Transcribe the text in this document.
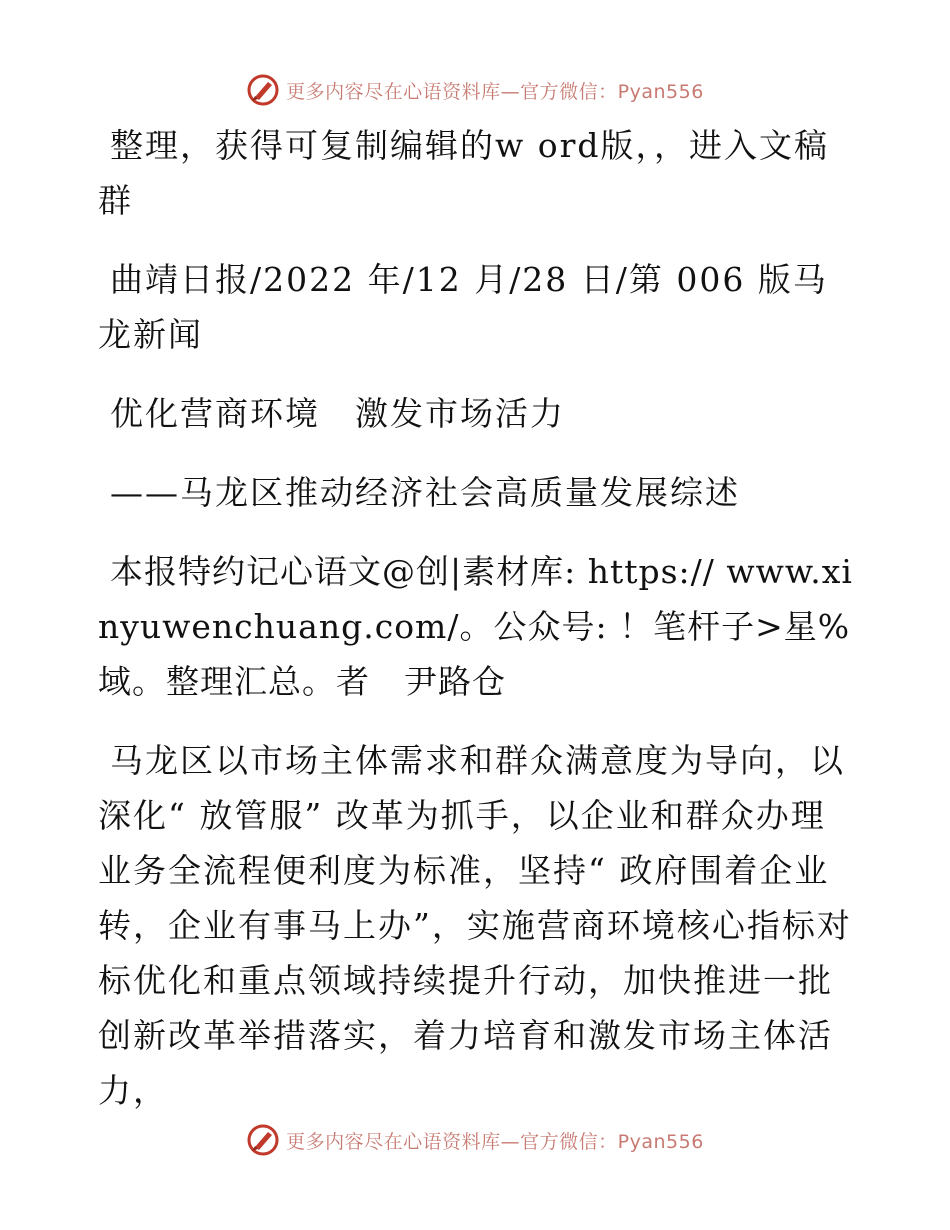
更多内容尽在心语资料库—官方微信：Pyan556

整理，获得可复制编辑的w ord版，，进入文稿群

曲靖日报/2022 年/12 月/28 日/第 006 版马龙新闻

优化营商环境　激发市场活力

——马龙区推动经济社会高质量发展综述

本报特约记心语文@创|素材库: https:// www.xinyuwenchuang.com/。公众号: ！笔杆子>星%域。整理汇总。者　尹路仓

马龙区以市场主体需求和群众满意度为导向，以深化“ 放管服” 改革为抓手，以企业和群众办理业务全流程便利度为标准，坚持“ 政府围着企业转，企业有事马上办”，实施营商环境核心指标对标优化和重点领域持续提升行动，加快推进一批创新改革举措落实，着力培育和激发市场主体活力，

更多内容尽在心语资料库—官方微信：Pyan556
